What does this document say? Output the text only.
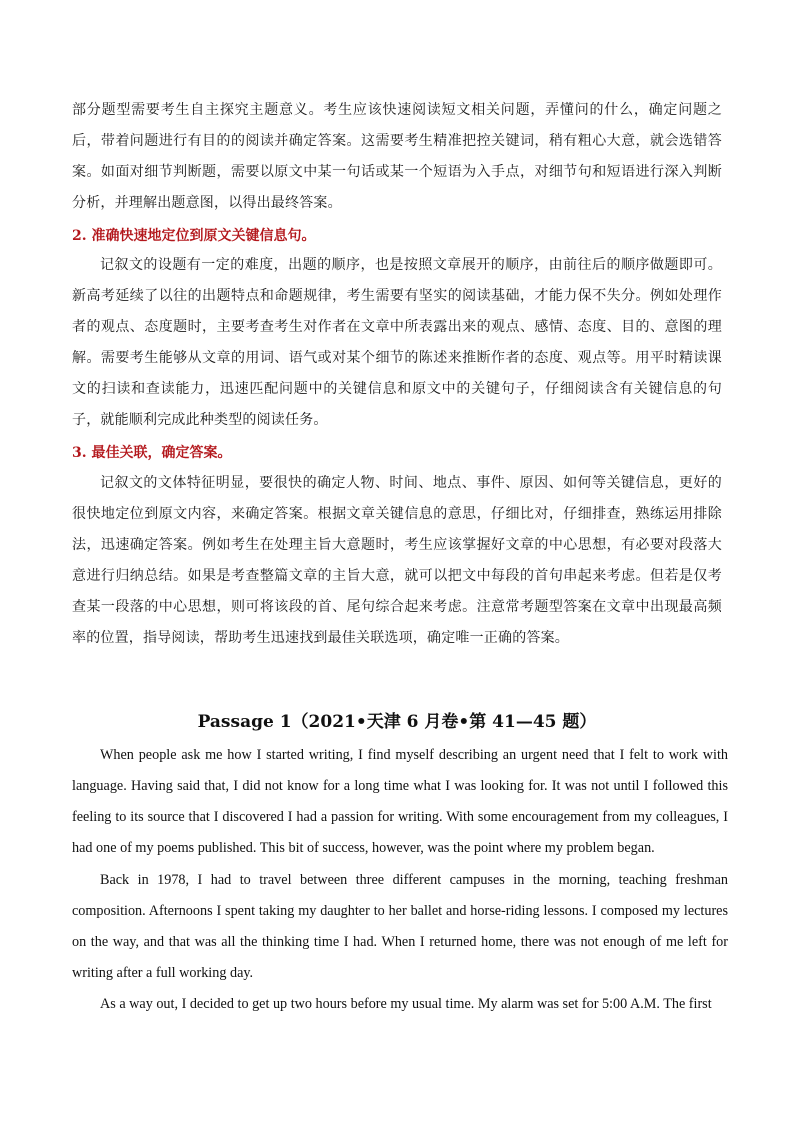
部分题型需要考生自主探究主题意义。考生应该快速阅读短文相关问题，弄懂问的什么，确定问题之后，带着问题进行有目的的阅读并确定答案。这需要考生精准把控关键词，稍有粗心大意，就会选错答案。如面对细节判断题，需要以原文中某一句话或某一个短语为入手点，对细节句和短语进行深入判断分析，并理解出题意图，以得出最终答案。

2. 准确快速地定位到原文关键信息句。

记叙文的设题有一定的难度，出题的顺序，也是按照文章展开的顺序，由前往后的顺序做题即可。新高考延续了以往的出题特点和命题规律，考生需要有坚实的阅读基础，才能力保不失分。例如处理作者的观点、态度题时，主要考查考生对作者在文章中所表露出来的观点、感情、态度、目的、意图的理解。需要考生能够从文章的用词、语气或对某个细节的陈述来推断作者的态度、观点等。用平时精读课文的扫读和查读能力，迅速匹配问题中的关键信息和原文中的关键句子，仔细阅读含有关键信息的句子，就能顺利完成此种类型的阅读任务。

3. 最佳关联，确定答案。

记叙文的文体特征明显，要很快的确定人物、时间、地点、事件、原因、如何等关键信息，更好的很快地定位到原文内容，来确定答案。根据文章关键信息的意思，仔细比对，仔细排查，熟练运用排除法，迅速确定答案。例如考生在处理主旨大意题时，考生应该掌握好文章的中心思想，有必要对段落大意进行归纳总结。如果是考查整篇文章的主旨大意，就可以把文中每段的首句串起来考虑。但若是仅考查某一段落的中心思想，则可将该段的首、尾句综合起来考虑。注意常考题型答案在文章中出现最高频率的位置，指导阅读，帮助考生迅速找到最佳关联选项，确定唯一正确的答案。

Passage 1（2021•天津 6 月卷•第 41—45 题）

When people ask me how I started writing, I find myself describing an urgent need that I felt to work with language. Having said that, I did not know for a long time what I was looking for. It was not until I followed this feeling to its source that I discovered I had a passion for writing. With some encouragement from my colleagues, I had one of my poems published. This bit of success, however, was the point where my problem began.

Back in 1978, I had to travel between three different campuses in the morning, teaching freshman composition. Afternoons I spent taking my daughter to her ballet and horse-riding lessons. I composed my lectures on the way, and that was all the thinking time I had. When I returned home, there was not enough of me left for writing after a full working day.

As a way out, I decided to get up two hours before my usual time. My alarm was set for 5:00 A.M. The first
